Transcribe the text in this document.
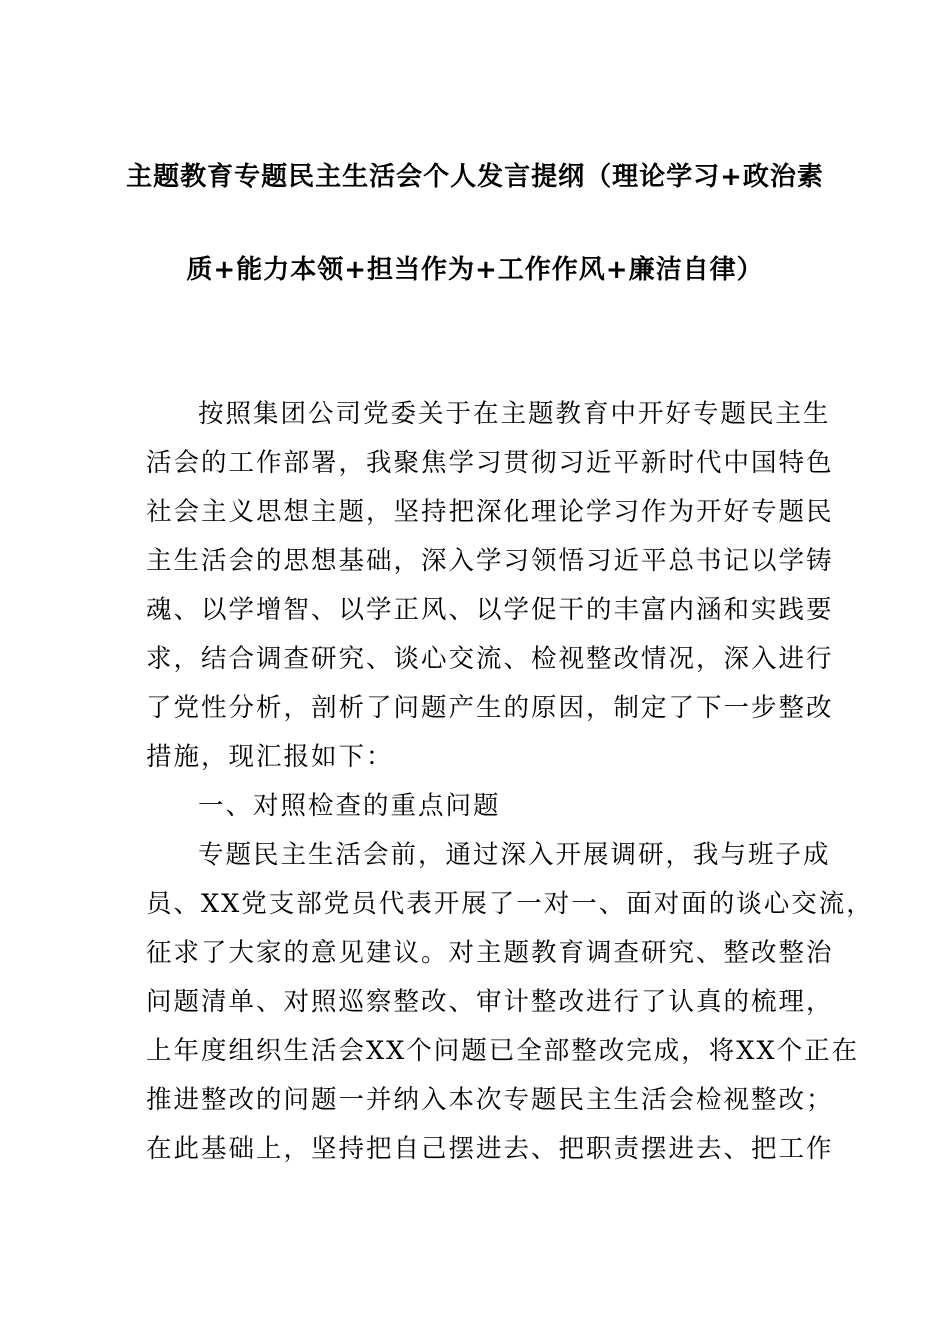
主题教育专题民主生活会个人发言提纲（理论学习+政治素
质+能力本领+担当作为+工作作风+廉洁自律）
按照集团公司党委关于在主题教育中开好专题民主生
活会的工作部署，我聚焦学习贯彻习近平新时代中国特色
社会主义思想主题，坚持把深化理论学习作为开好专题民
主生活会的思想基础，深入学习领悟习近平总书记以学铸
魂、以学增智、以学正风、以学促干的丰富内涵和实践要
求，结合调查研究、谈心交流、检视整改情况，深入进行
了党性分析，剖析了问题产生的原因，制定了下一步整改
措施，现汇报如下：
一、对照检查的重点问题
专题民主生活会前，通过深入开展调研，我与班子成
员、XX党支部党员代表开展了一对一、面对面的谈心交流，
征求了大家的意见建议。对主题教育调查研究、整改整治
问题清单、对照巡察整改、审计整改进行了认真的梳理，
上年度组织生活会XX个问题已全部整改完成，将XX个正在
推进整改的问题一并纳入本次专题民主生活会检视整改；
在此基础上，坚持把自己摆进去、把职责摆进去、把工作
